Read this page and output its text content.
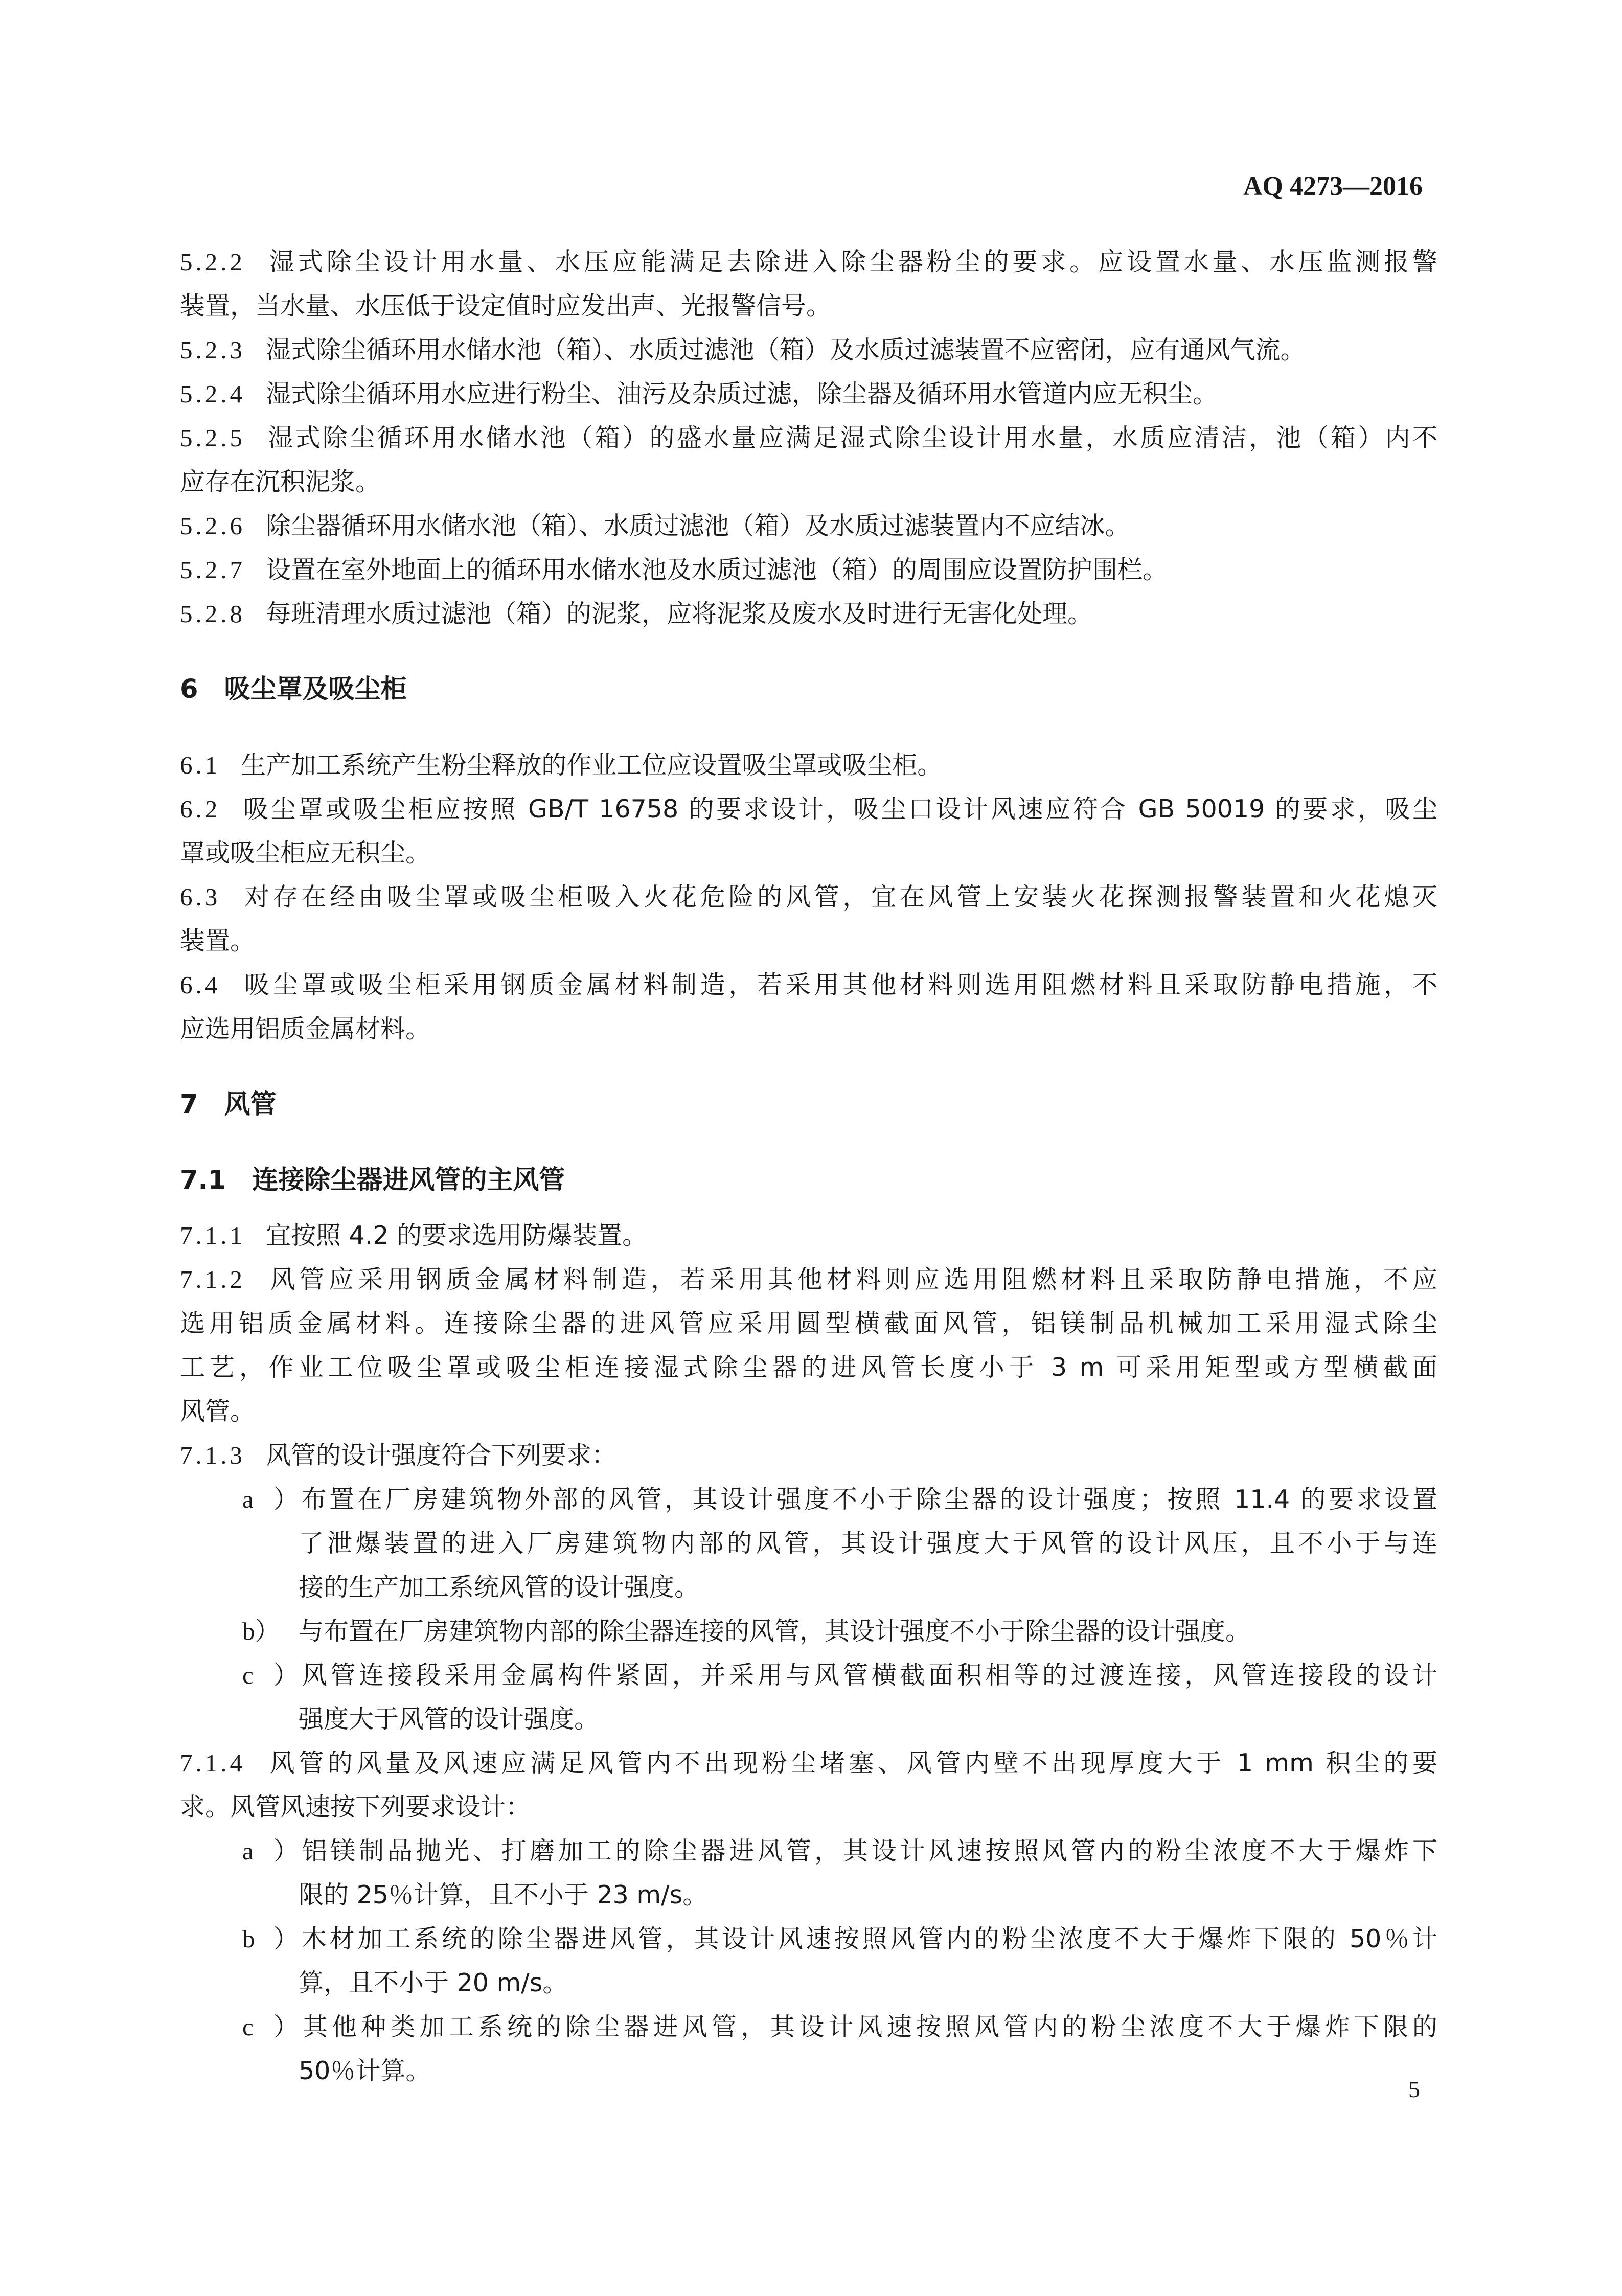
AQ 4273—2016
5.2.2 湿式除尘设计用水量、水压应能满足去除进入除尘器粉尘的要求。应设置水量、水压监测报警
装置，当水量、水压低于设定值时应发出声、光报警信号。
5.2.3 湿式除尘循环用水储水池（箱）、水质过滤池（箱）及水质过滤装置不应密闭，应有通风气流。
5.2.4 湿式除尘循环用水应进行粉尘、油污及杂质过滤，除尘器及循环用水管道内应无积尘。
5.2.5 湿式除尘循环用水储水池（箱）的盛水量应满足湿式除尘设计用水量，水质应清洁，池（箱）内不
应存在沉积泥浆。
5.2.6 除尘器循环用水储水池（箱）、水质过滤池（箱）及水质过滤装置内不应结冰。
5.2.7 设置在室外地面上的循环用水储水池及水质过滤池（箱）的周围应设置防护围栏。
5.2.8 每班清理水质过滤池（箱）的泥浆，应将泥浆及废水及时进行无害化处理。
6　吸尘罩及吸尘柜
6.1 生产加工系统产生粉尘释放的作业工位应设置吸尘罩或吸尘柜。
6.2 吸尘罩或吸尘柜应按照 GB/T 16758 的要求设计，吸尘口设计风速应符合 GB 50019 的要求，吸尘
罩或吸尘柜应无积尘。
6.3 对存在经由吸尘罩或吸尘柜吸入火花危险的风管，宜在风管上安装火花探测报警装置和火花熄灭
装置。
6.4 吸尘罩或吸尘柜采用钢质金属材料制造，若采用其他材料则选用阻燃材料且采取防静电措施，不
应选用铝质金属材料。
7　风管
7.1　连接除尘器进风管的主风管
7.1.1 宜按照 4.2 的要求选用防爆装置。
7.1.2 风管应采用钢质金属材料制造，若采用其他材料则应选用阻燃材料且采取防静电措施，不应
选用铝质金属材料。连接除尘器的进风管应采用圆型横截面风管，铝镁制品机械加工采用湿式除尘
工艺，作业工位吸尘罩或吸尘柜连接湿式除尘器的进风管长度小于 3 m 可采用矩型或方型横截面
风管。
7.1.3 风管的设计强度符合下列要求：
a）布置在厂房建筑物外部的风管，其设计强度不小于除尘器的设计强度；按照 11.4 的要求设置
了泄爆装置的进入厂房建筑物内部的风管，其设计强度大于风管的设计风压，且不小于与连
接的生产加工系统风管的设计强度。
b） 与布置在厂房建筑物内部的除尘器连接的风管，其设计强度不小于除尘器的设计强度。
c）风管连接段采用金属构件紧固，并采用与风管横截面积相等的过渡连接，风管连接段的设计
强度大于风管的设计强度。
7.1.4 风管的风量及风速应满足风管内不出现粉尘堵塞、风管内壁不出现厚度大于 1 mm 积尘的要
求。风管风速按下列要求设计：
a）铝镁制品抛光、打磨加工的除尘器进风管，其设计风速按照风管内的粉尘浓度不大于爆炸下
限的 25％计算，且不小于 23 m/s。
b）木材加工系统的除尘器进风管，其设计风速按照风管内的粉尘浓度不大于爆炸下限的 50％计
算，且不小于 20 m/s。
c）其他种类加工系统的除尘器进风管，其设计风速按照风管内的粉尘浓度不大于爆炸下限的
50％计算。
5
